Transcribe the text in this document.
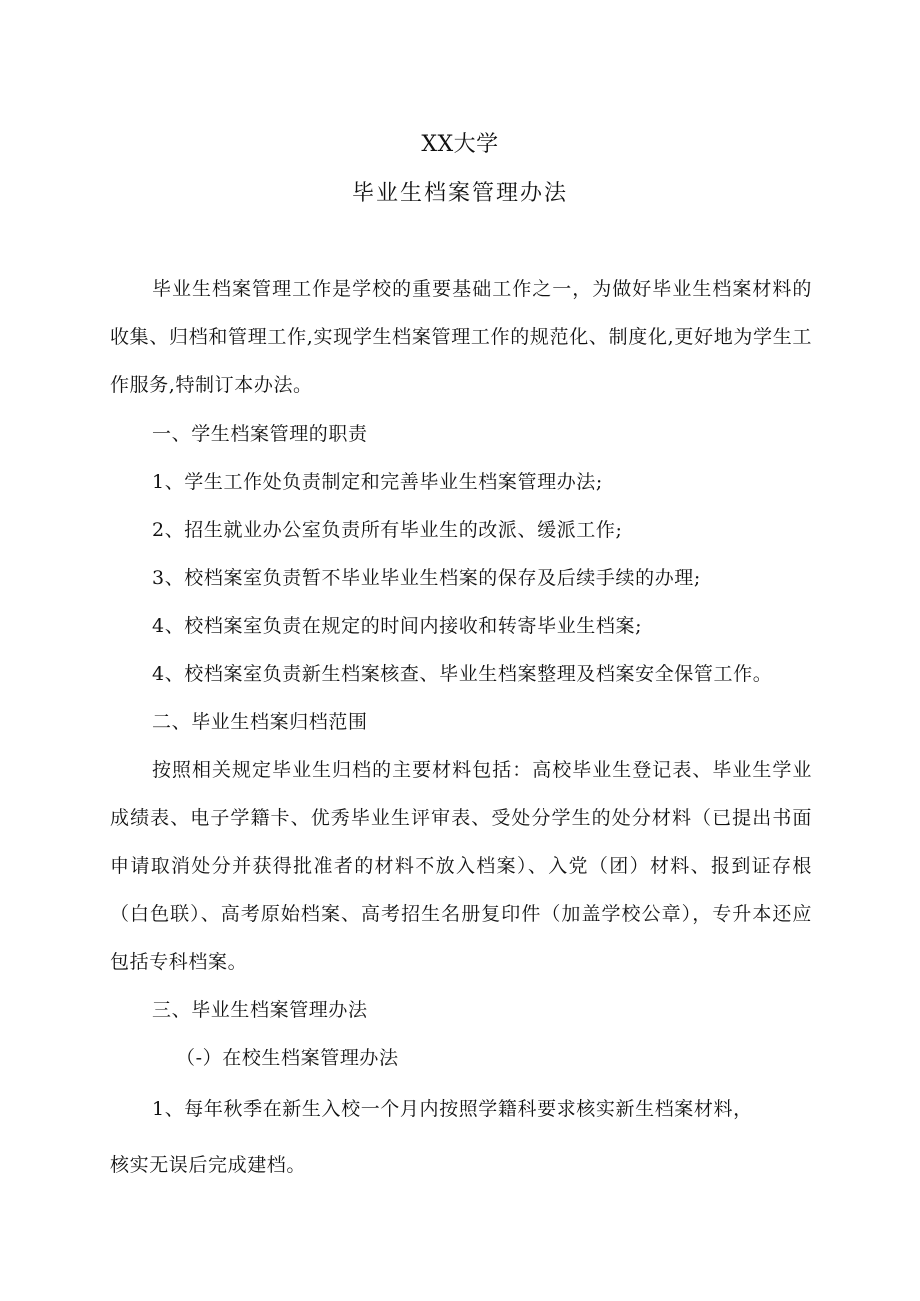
XX大学
毕业生档案管理办法
毕业生档案管理工作是学校的重要基础工作之一，为做好毕业生档案材料的收集、归档和管理工作,实现学生档案管理工作的规范化、制度化,更好地为学生工作服务,特制订本办法。
一、学生档案管理的职责
1、学生工作处负责制定和完善毕业生档案管理办法;
2、招生就业办公室负责所有毕业生的改派、缓派工作;
3、校档案室负责暂不毕业毕业生档案的保存及后续手续的办理;
4、校档案室负责在规定的时间内接收和转寄毕业生档案;
4、校档案室负责新生档案核查、毕业生档案整理及档案安全保管工作。
二、毕业生档案归档范围
按照相关规定毕业生归档的主要材料包括：高校毕业生登记表、毕业生学业成绩表、电子学籍卡、优秀毕业生评审表、受处分学生的处分材料（已提出书面申请取消处分并获得批准者的材料不放入档案）、入党（团）材料、报到证存根（白色联）、高考原始档案、高考招生名册复印件（加盖学校公章），专升本还应包括专科档案。
三、毕业生档案管理办法
（-）在校生档案管理办法
1、每年秋季在新生入校一个月内按照学籍科要求核实新生档案材料，
核实无误后完成建档。
